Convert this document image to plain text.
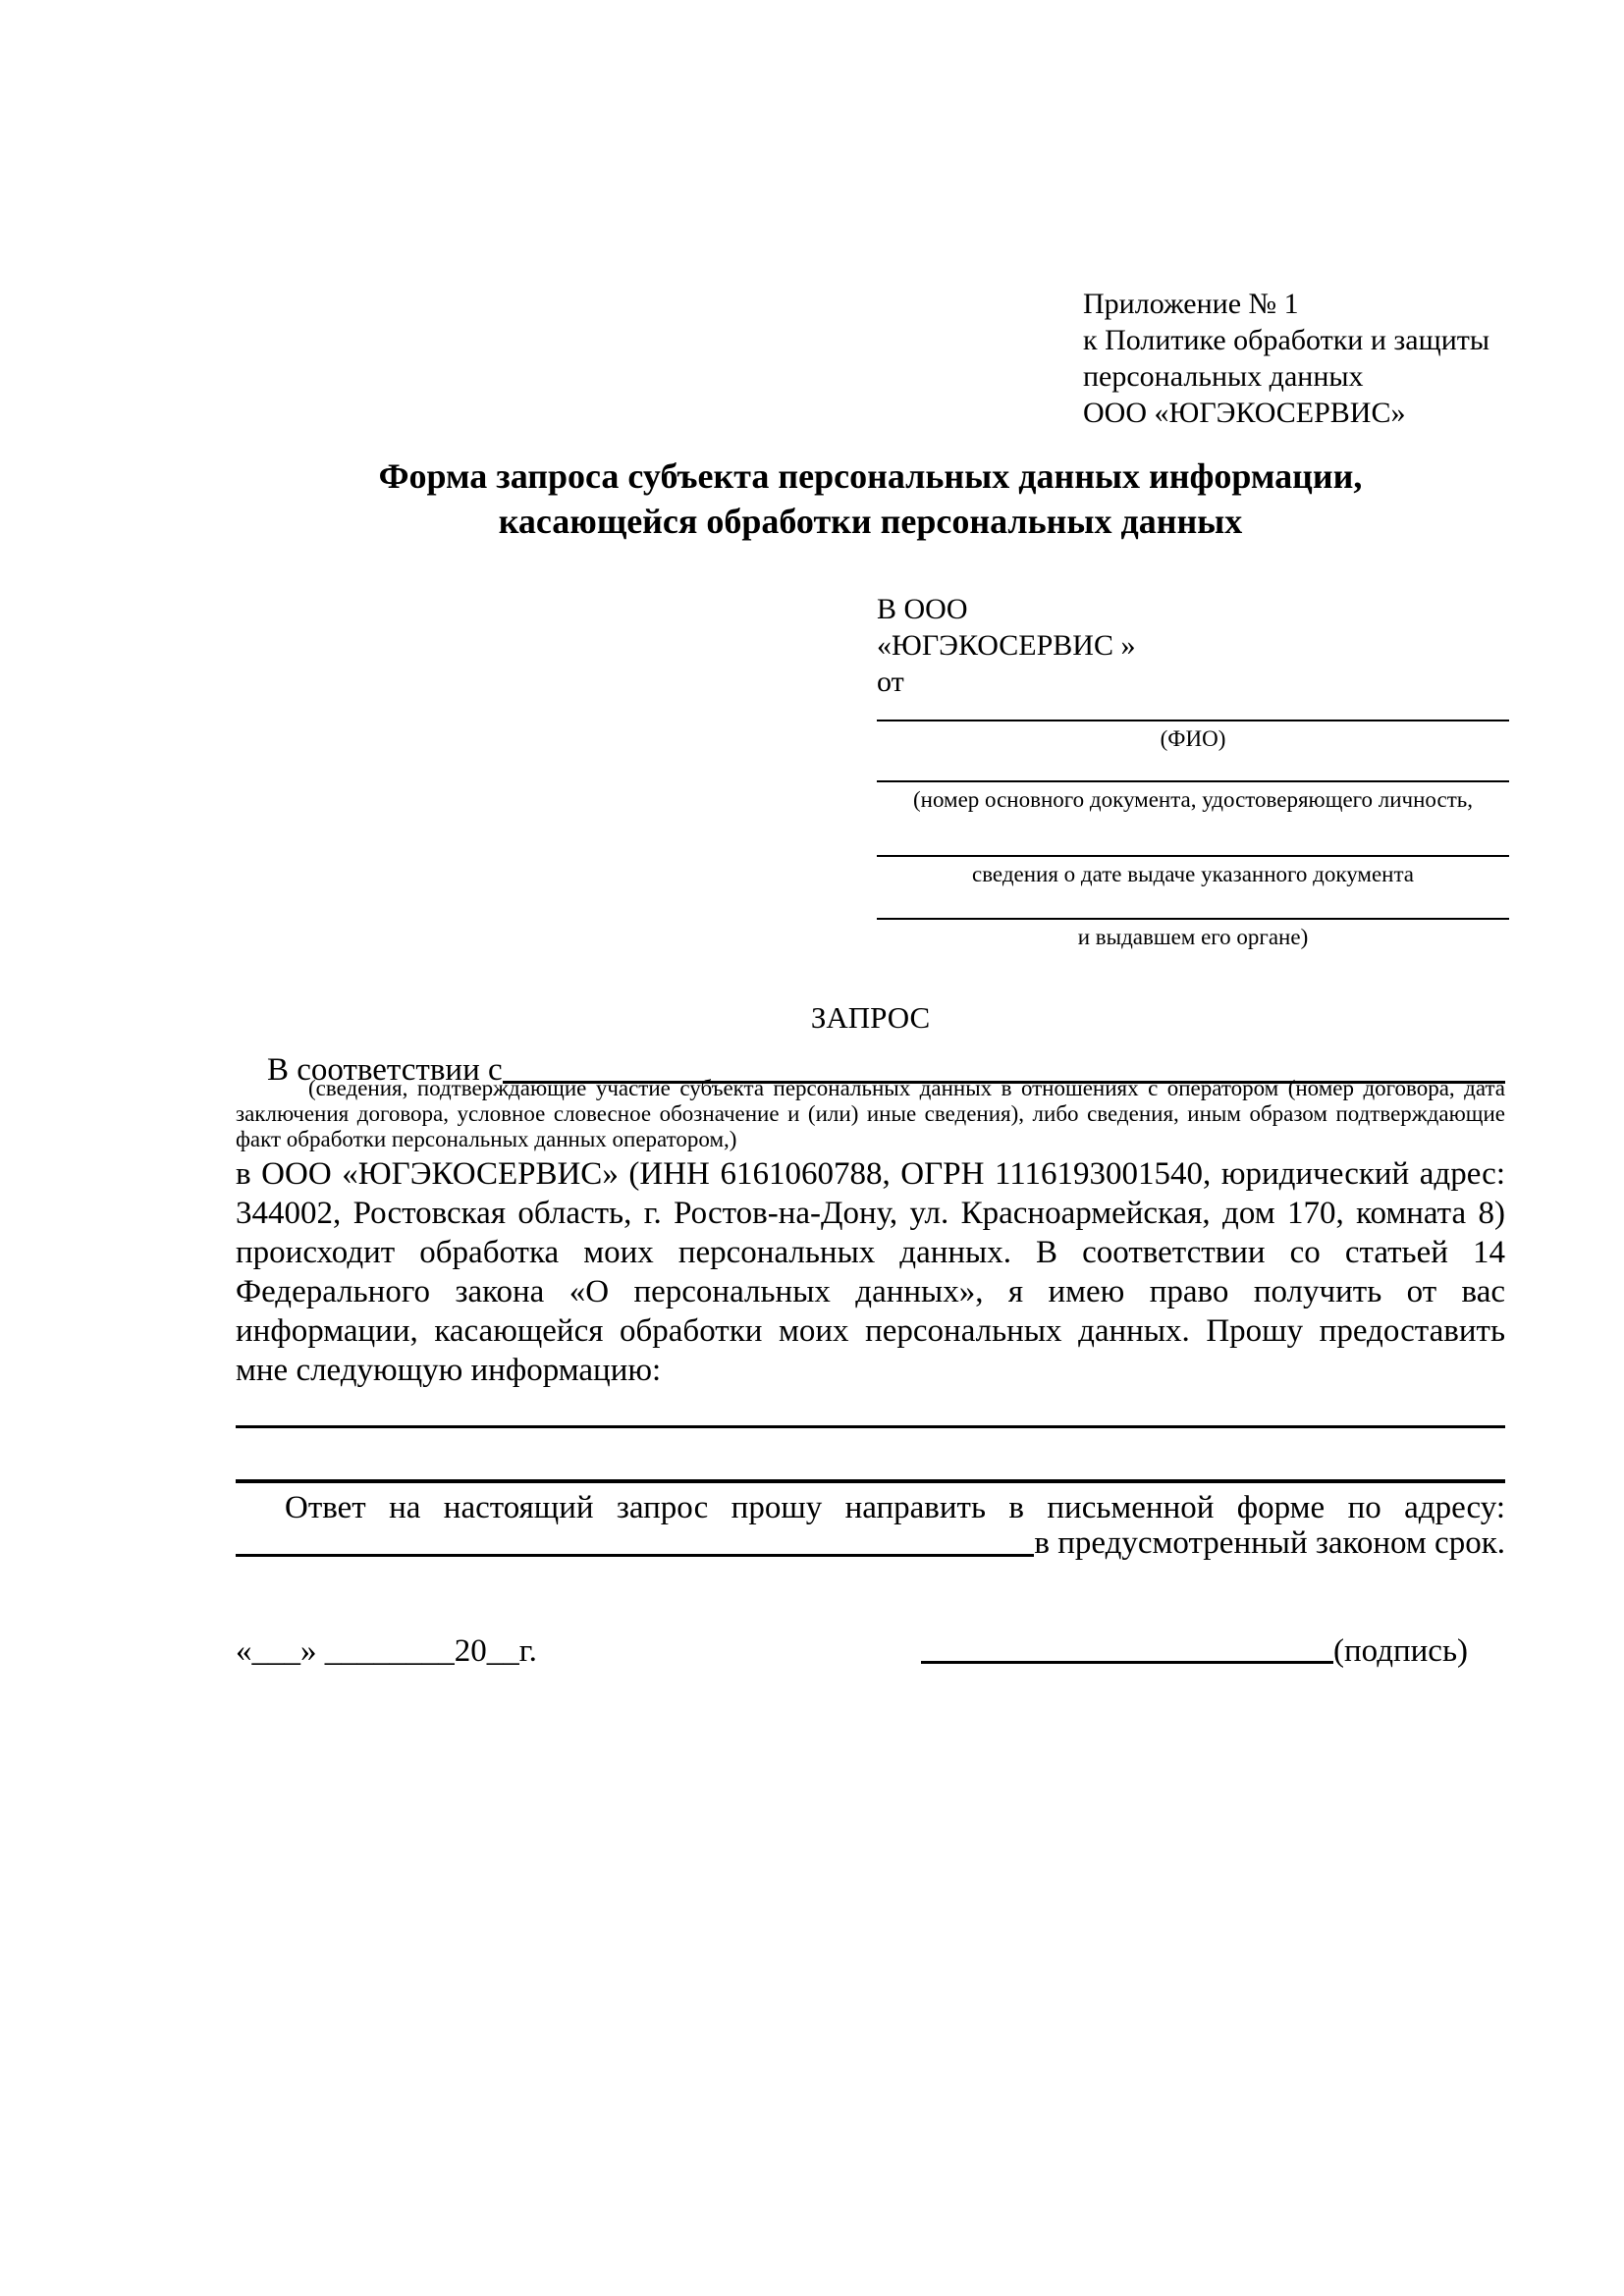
Приложение № 1
к Политике обработки и защиты
персональных данных
ООО «ЮГЭКОСЕРВИС»
Форма запроса субъекта персональных данных информации,
касающейся обработки персональных данных
В ООО
«ЮГЭКОСЕРВИС »
от
(ФИО)
(номер основного документа, удостоверяющего личность,
сведения о дате выдаче указанного документа
и выдавшем его органе)
ЗАПРОС
В соответствии с
(сведения, подтверждающие участие субъекта персональных данных в отношениях с оператором (номер договора, дата заключения договора, условное словесное обозначение и (или) иные сведения), либо сведения, иным образом подтверждающие факт обработки персональных данных оператором,)
в ООО «ЮГЭКОСЕРВИС» (ИНН 6161060788, ОГРН 1116193001540, юридический адрес: 344002, Ростовская область, г. Ростов-на-Дону, ул. Красноармейская, дом 170, комната 8) происходит обработка моих персональных данных. В соответствии со статьей 14 Федерального закона «О персональных данных», я имею право получить от вас информации, касающейся обработки моих персональных данных. Прошу предоставить мне следующую информацию:
Ответ на настоящий запрос прошу направить в письменной форме по адресу:
в предусмотренный законом срок.
«___» ________20__г.	(подпись)
